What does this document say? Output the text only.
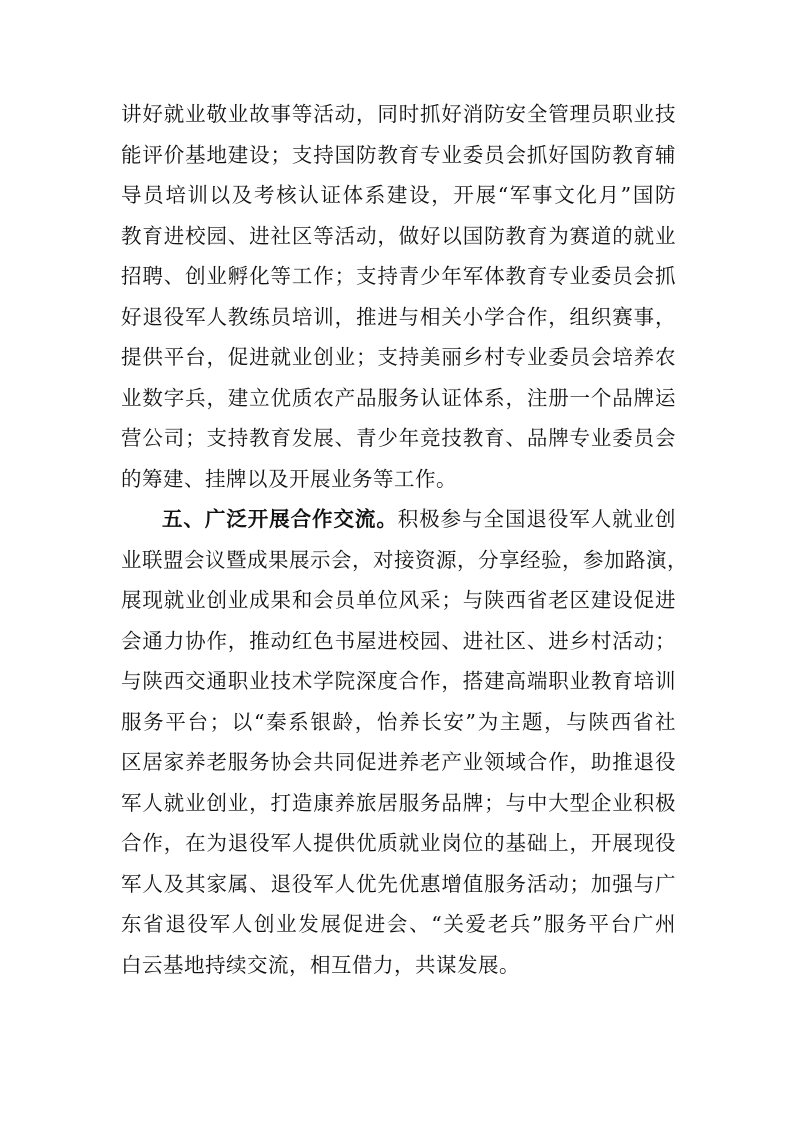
讲好就业敬业故事等活动，同时抓好消防安全管理员职业技
能评价基地建设；支持国防教育专业委员会抓好国防教育辅
导员培训以及考核认证体系建设，开展“军事文化月”国防
教育进校园、进社区等活动，做好以国防教育为赛道的就业
招聘、创业孵化等工作；支持青少年军体教育专业委员会抓
好退役军人教练员培训，推进与相关小学合作，组织赛事，
提供平台，促进就业创业；支持美丽乡村专业委员会培养农
业数字兵，建立优质农产品服务认证体系，注册一个品牌运
营公司；支持教育发展、青少年竞技教育、品牌专业委员会
的筹建、挂牌以及开展业务等工作。
五、广泛开展合作交流。积极参与全国退役军人就业创
业联盟会议暨成果展示会，对接资源，分享经验，参加路演，
展现就业创业成果和会员单位风采；与陕西省老区建设促进
会通力协作，推动红色书屋进校园、进社区、进乡村活动；
与陕西交通职业技术学院深度合作，搭建高端职业教育培训
服务平台；以“秦系银龄，怡养长安”为主题，与陕西省社
区居家养老服务协会共同促进养老产业领域合作，助推退役
军人就业创业，打造康养旅居服务品牌；与中大型企业积极
合作，在为退役军人提供优质就业岗位的基础上，开展现役
军人及其家属、退役军人优先优惠增值服务活动；加强与广
东省退役军人创业发展促进会、“关爱老兵”服务平台广州
白云基地持续交流，相互借力，共谋发展。
